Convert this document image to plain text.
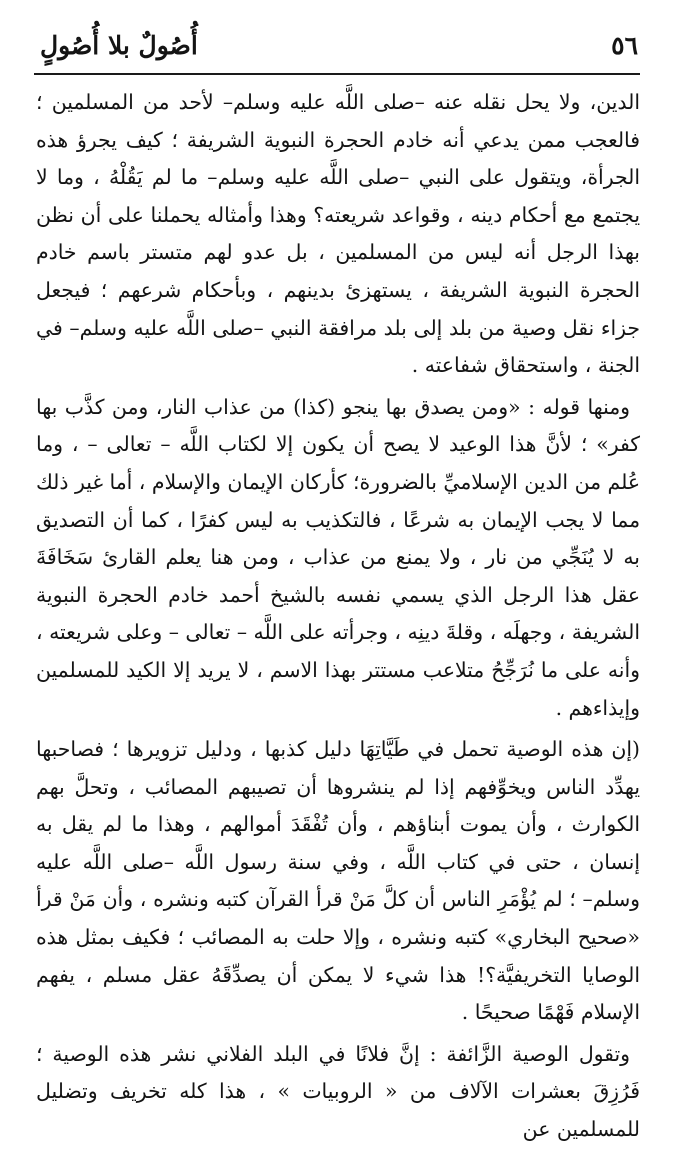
٥٦
أُصُولٌ بلا أُصُولٍ

الدين، ولا يحل نقله عنه –صلى اللَّه عليه وسلم– لأحد من المسلمين ؛ فالعجب ممن يدعي أنه خادم الحجرة النبوية الشريفة ؛ كيف يجرؤ هذه الجرأة، ويتقول على النبي –صلى اللَّه عليه وسلم– ما لم يَقُلْهُ ، وما لا يجتمع مع أحكام دينه ، وقواعد شريعته؟ وهذا وأمثاله يحملنا على أن نظن بهذا الرجل أنه ليس من المسلمين ، بل عدو لهم متستر باسم خادم الحجرة النبوية الشريفة ، يستهزئ بدينهم ، وبأحكام شرعهم ؛ فيجعل جزاء نقل وصية من بلد إلى بلد مرافقة النبي –صلى اللَّه عليه وسلم– في الجنة ، واستحقاق شفاعته .

ومنها قوله : «ومن يصدق بها ينجو (كذا) من عذاب النار، ومن كذَّب بها كفر» ؛ لأنَّ هذا الوعيد لا يصح أن يكون إلا لكتاب اللَّه – تعالى – ، وما عُلم من الدين الإسلاميِّ بالضرورة؛ كأركان الإيمان والإسلام ، أما غير ذلك مما لا يجب الإيمان به شرعًا ، فالتكذيب به ليس كفرًا ، كما أن التصديق به لا يُنَجِّي من نار ، ولا يمنع من عذاب ، ومن هنا يعلم القارئ سَخَافَةَ عقل هذا الرجل الذي يسمي نفسه بالشيخ أحمد خادم الحجرة النبوية الشريفة ، وجهلَه ، وقلةَ دينِه ، وجرأته على اللَّه – تعالى – وعلى شريعته ، وأنه على ما نُرَجِّحُ متلاعب مستتر بهذا الاسم ، لا يريد إلا الكيد للمسلمين وإيذاءهم .

(إن هذه الوصية تحمل في طَيَّاتِهَا دليل كذبها ، ودليل تزويرها ؛ فصاحبها يهدِّد الناس ويخوِّفهم إذا لم ينشروها أن تصيبهم المصائب ، وتحلَّ بهم الكوارث ، وأن يموت أبناؤهم ، وأن تُفْقَدَ أموالهم ، وهذا ما لم يقل به إنسان ، حتى في كتاب اللَّه ، وفي سنة رسول اللَّه –صلى اللَّه عليه وسلم– ؛ لم يُؤْمَرِ الناس أن كلَّ مَنْ قرأ القرآن كتبه ونشره ، وأن مَنْ قرأ «صحيح البخاري» كتبه ونشره ، وإلا حلت به المصائب ؛ فكيف بمثل هذه الوصايا التخريفيَّة؟! هذا شيء لا يمكن أن يصدِّقَهُ عقل مسلم ، يفهم الإسلام فَهْمًا صحيحًا .

وتقول الوصية الزَّائفة : إنَّ فلانًا في البلد الفلاني نشر هذه الوصية ؛ فَرُزِقَ بعشرات الآلاف من « الروبيات » ، هذا كله تخريف وتضليل للمسلمين عن
